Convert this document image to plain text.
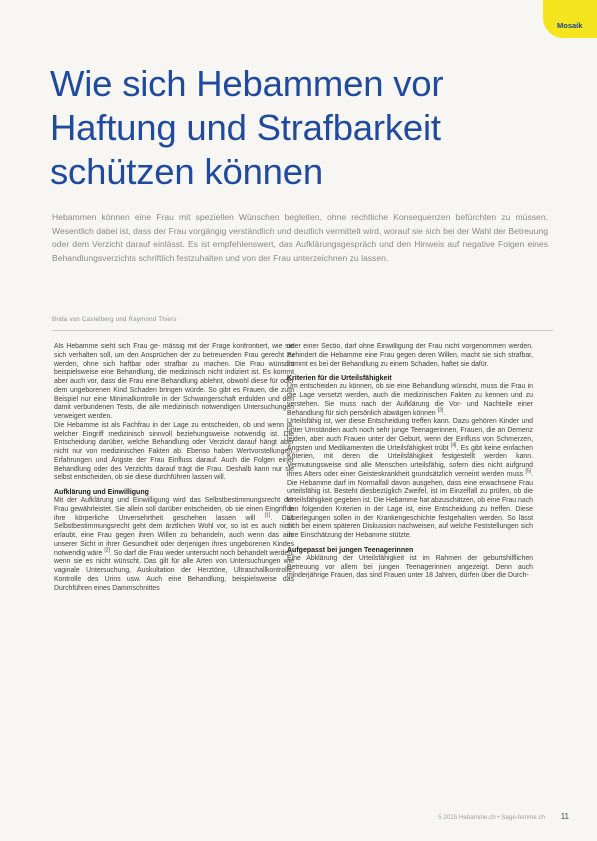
Mosaik
Wie sich Hebammen vor Haftung und Strafbarkeit schützen können

Hebammen können eine Frau mit speziellen Wünschen begleiten, ohne rechtliche Konsequenzen befürchten zu müssen. Wesentlich dabei ist, dass der Frau vorgängig verständlich und deutlich vermittelt wird, worauf sie sich bei der Wahl der Betreuung oder dem Verzicht darauf einlässt. Es ist empfehlenswert, das Aufklärungsgespräch und den Hinweis auf negative Folgen eines Behandlungsverzichts schriftlich festzuhalten und von der Frau unterzeichnen zu lassen.

Brida von Castelberg und Raymond Thiers

Als Hebamme sieht sich Frau ge- mässig mit der Frage konfrontiert, wie sie sich verhalten soll, um den Ansprüchen der zu betreuenden Frau gerecht zu werden, ohne sich haftbar oder strafbar zu machen. Die Frau wünscht beispielsweise eine Behandlung, die medizinisch nicht indiziert ist. Es kommt aber auch vor, dass die Frau eine Behandlung ablehnt, obwohl diese für oder dem ungeborenen Kind Schaden bringen würde. So gibt es Frauen, die zum Beispiel nur eine Minimalkontrolle in der Schwangerschaft erdulden und den damit verbundenen Tests, die alle medizinisch notwendigen Untersuchungen verweigert werden.

Die Hebamme ist als Fachfrau in der Lage zu entscheiden, ob und wenn ja, welcher Eingriff medizinisch sinnvoll beziehungsweise notwendig ist. Die Entscheidung darüber, welche Behandlung oder Verzicht darauf hängt aber nicht nur von medizinischen Fakten ab. Ebenso haben Wertvorstellungen, Erfahrungen und Ängste der Frau Einfluss darauf. Auch die Folgen einer Behandlung oder des Verzichts darauf trägt die Frau. Deshalb kann nur sie selbst entscheiden, ob sie diese durchführen lassen will.

Aufklärung und Einwilligung

Mit der Aufklärung und Einwilligung wird das Selbstbestimmungsrecht der Frau gewährleistet. Sie allein soll darüber entscheiden, ob sie einen Eingriff in ihre körperliche Unversehrtheit geschehen lassen will [1]. Das Selbstbestimmungsrecht geht dem ärztlichen Wohl vor, so ist es auch nicht erlaubt, eine Frau gegen ihren Willen zu behandeln, auch wenn das aus unserer Sicht in ihrer Gesundheit oder derjenigen ihres ungeborenen Kindes notwendig wäre [2]. So darf die Frau weder untersucht noch behandelt werden, wenn sie es nicht wünscht. Das gilt für alle Arten von Untersuchungen wie vaginale Untersuchung, Auskultation der Herztöne, Ultraschallkontrolle, Kontrolle des Urins usw. Auch eine Behandlung, beispielsweise das Durchführen eines Dammschnittes

oder einer Sectio, darf ohne Einwilligung der Frau nicht vorgenommen werden. Behindert die Hebamme eine Frau gegen deren Willen, macht sie sich strafbar, kommt es bei der Behandlung zu einem Schaden, haftet sie dafür.

Kriterien für die Urteilsfähigkeit

Um entscheiden zu können, ob sie eine Behandlung wünscht, muss die Frau in die Lage versetzt werden, auch die medizinischen Fakten zu kennen und zu verstehen. Sie muss nach der Aufklärung die Vor- und Nachteile einer Behandlung für sich persönlich abwägen können [3].

Urteilsfähig ist, wer diese Entscheidung treffen kann. Dazu gehören Kinder und unter Umständen auch noch sehr junge Teenagerinnen, Frauen, die an Demenz leiden, aber auch Frauen unter der Geburt, wenn der Einfluss von Schmerzen, Ängsten und Medikamenten die Urteilsfähigkeit trübt [4]. Es gibt keine einfachen Kriterien, mit deren die Urteilsfähigkeit festgestellt werden kann. Vermutungsweise sind alle Menschen urteilsfähig, sofern dies nicht aufgrund ihres Alters oder einer Geisteskrankheit grundsätzlich verneint werden muss [5]. Die Hebamme darf im Normalfall davon ausgehen, dass eine erwachsene Frau urteilsfähig ist. Besteht diesbezüglich Zweifel, ist im Einzelfall zu prüfen, ob die Urteilsfähigkeit gegeben ist. Die Hebamme hat abzuschätzen, ob eine Frau nach den folgenden Kriterien in der Lage ist, eine Entscheidung zu treffen. Diese Überlegungen sollen in der Krankengeschichte festgehalten werden. So lässt sich bei einem späteren Diskussion nachweisen, auf welche Feststellungen sich ihre Einschätzung der Hebamme stützte.

Aufgepasst bei jungen Teenagerinnen

Eine Abklärung der Urteilsfähigkeit ist im Rahmen der geburtshilflichen Betreuung vor allem bei jungen Teenagerinnen angezeigt. Denn auch minderjährige Frauen, das sind Frauen unter 18 Jahren, dürfen über die Durch-

5 2015 Hebamme.ch • Sage-femme.ch 11
